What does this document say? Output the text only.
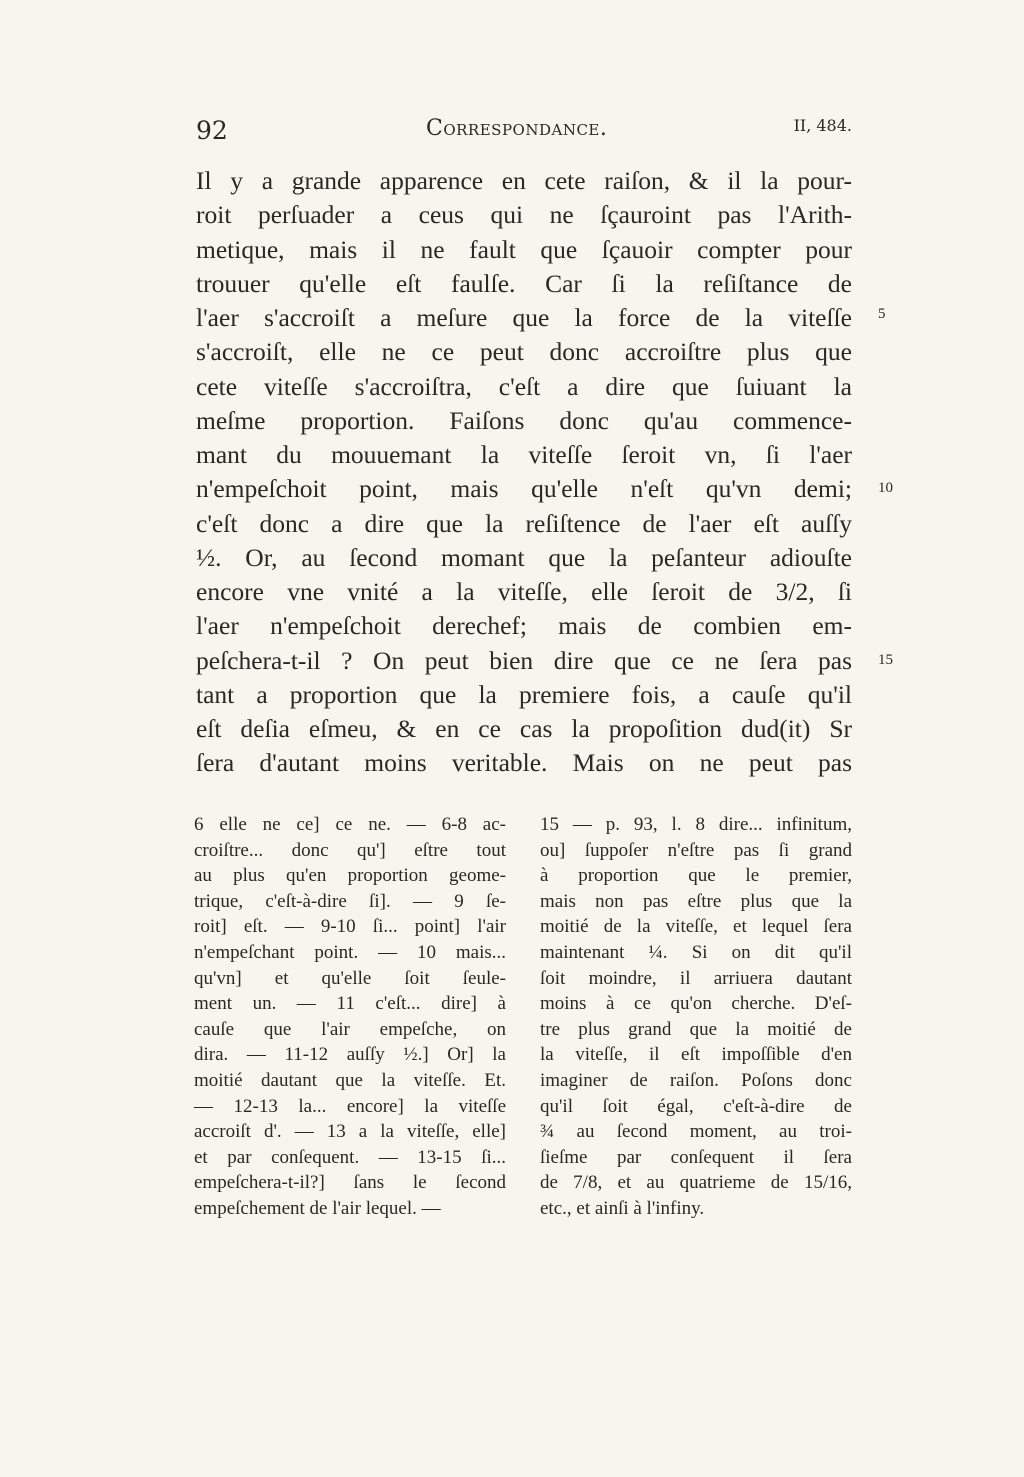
92	Correspondance.	II, 484.
Il y a grande apparence en cete raiſon, & il la pour-
roit perſuader a ceus qui ne ſçauroint pas l'Arith-
metique, mais il ne fault que ſçauoir compter pour
trouuer qu'elle eſt faulſe. Car ſi la reſiſtance de
l'aer s'accroiſt a meſure que la force de la viteſſe
s'accroiſt, elle ne ce peut donc accroiſtre plus que
cete viteſſe s'accroiſtra, c'eſt a dire que ſuiuant la
meſme proportion. Faiſons donc qu'au commence-
mant du mouuemant la viteſſe ſeroit vn, ſi l'aer
n'empeſchoit point, mais qu'elle n'eſt qu'vn demi;
c'eſt donc a dire que la reſiſtence de l'aer eſt auſſy
½. Or, au ſecond momant que la peſanteur adiouſte
encore vne vnité a la viteſſe, elle ſeroit de 3/2, ſi
l'aer n'empeſchoit derechef; mais de combien em-
peſchera-t-il ? On peut bien dire que ce ne ſera pas
tant a proportion que la premiere fois, a cauſe qu'il
eſt deſia eſmeu, & en ce cas la propoſition dud(it) Sr
ſera d'autant moins veritable. Mais on ne peut pas
5
10
15
6 elle ne ce] ce ne. — 6-8 ac-
croiſtre... donc qu'] eſtre tout
au plus qu'en proportion geome-
trique, c'eſt-à-dire ſi]. — 9 ſe-
roit] eſt. — 9-10 ſi... point] l'air
n'empeſchant point. — 10 mais...
qu'vn] et qu'elle ſoit ſeule-
ment un. — 11 c'eſt... dire] à
cauſe que l'air empeſche, on
dira. — 11-12 auſſy ½.] Or] la
moitié dautant que la viteſſe. Et.
— 12-13 la... encore] la viteſſe
accroiſt d'. — 13 a la viteſſe, elle]
et par conſequent. — 13-15 ſi...
empeſchera-t-il?] ſans le ſecond
empeſchement de l'air lequel. —
15 — p. 93, l. 8 dire... infinitum,
ou] ſuppoſer n'eſtre pas ſi grand
à proportion que le premier,
mais non pas eſtre plus que la
moitié de la viteſſe, et lequel ſera
maintenant ¼. Si on dit qu'il
ſoit moindre, il arriuera dautant
moins à ce qu'on cherche. D'eſ-
tre plus grand que la moitié de
la viteſſe, il eſt impoſſible d'en
imaginer de raiſon. Poſons donc
qu'il ſoit égal, c'eſt-à-dire de
¾ au ſecond moment, au troi-
ſieſme par conſequent il ſera
de 7/8, et au quatrieme de 15/16,
etc., et ainſi à l'infiny.
